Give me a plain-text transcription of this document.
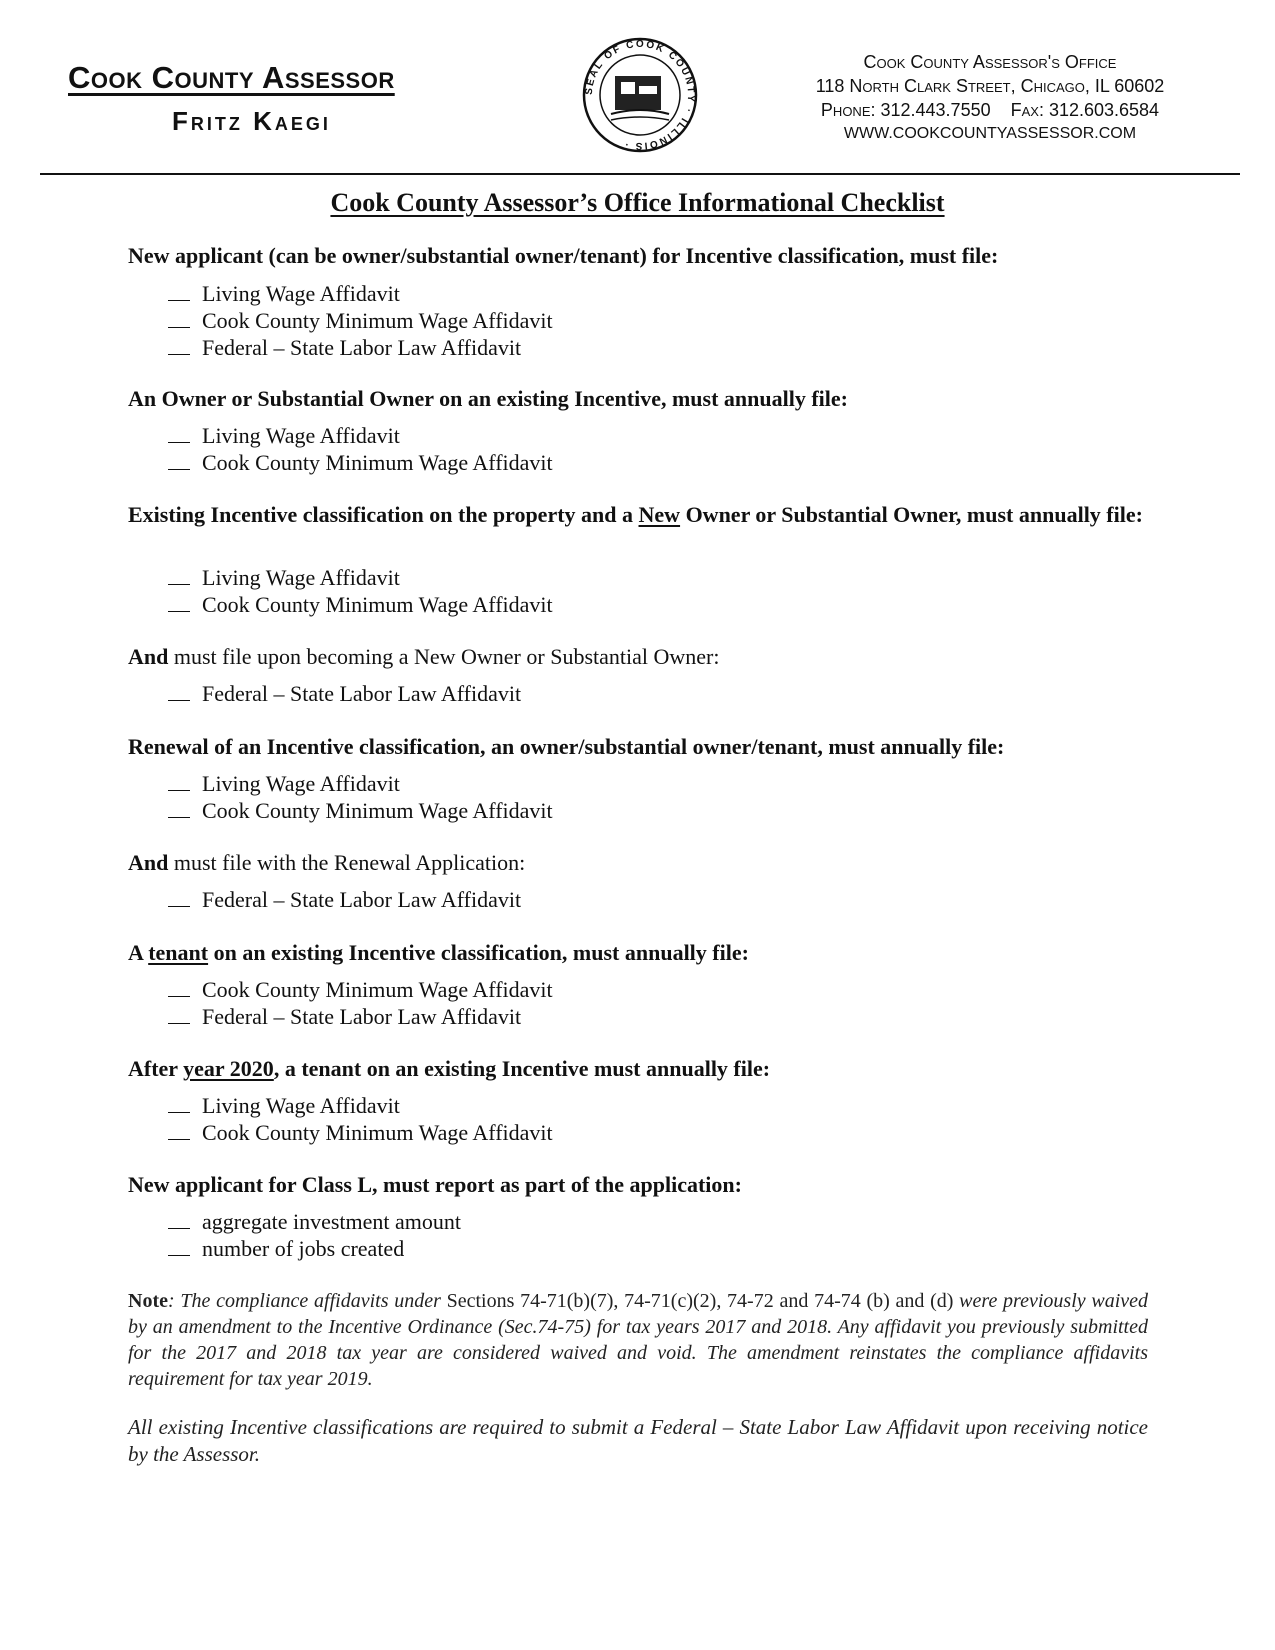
Cook County Assessor
Fritz Kaegi
SEAL OF COOK COUNTY · ILLINOIS ·
Cook County Assessor's Office
118 North Clark Street, Chicago, IL 60602
Phone: 312.443.7550    Fax: 312.603.6584
WWW.COOKCOUNTYASSESSOR.COM
Cook County Assessor’s Office Informational Checklist
New applicant (can be owner/substantial owner/tenant) for Incentive classification, must file:
Living Wage Affidavit
Cook County Minimum Wage Affidavit
Federal – State Labor Law Affidavit
An Owner or Substantial Owner on an existing Incentive, must annually file:
Living Wage Affidavit
Cook County Minimum Wage Affidavit
Existing Incentive classification on the property and a New Owner or Substantial Owner, must annually file:
Living Wage Affidavit
Cook County Minimum Wage Affidavit
And must file upon becoming a New Owner or Substantial Owner:
Federal – State Labor Law Affidavit
Renewal of an Incentive classification, an owner/substantial owner/tenant, must annually file:
Living Wage Affidavit
Cook County Minimum Wage Affidavit
And must file with the Renewal Application:
Federal – State Labor Law Affidavit
A tenant on an existing Incentive classification, must annually file:
Cook County Minimum Wage Affidavit
Federal – State Labor Law Affidavit
After year 2020, a tenant on an existing Incentive must annually file:
Living Wage Affidavit
Cook County Minimum Wage Affidavit
New applicant for Class L, must report as part of the application:
aggregate investment amount
number of jobs created
Note: The compliance affidavits under Sections 74-71(b)(7), 74-71(c)(2), 74-72 and 74-74 (b) and (d) were previously waived by an amendment to the Incentive Ordinance (Sec.74-75) for tax years 2017 and 2018. Any affidavit you previously submitted for the 2017 and 2018 tax year are considered waived and void. The amendment reinstates the compliance affidavits requirement for tax year 2019.
All existing Incentive classifications are required to submit a Federal – State Labor Law Affidavit upon receiving notice by the Assessor.
